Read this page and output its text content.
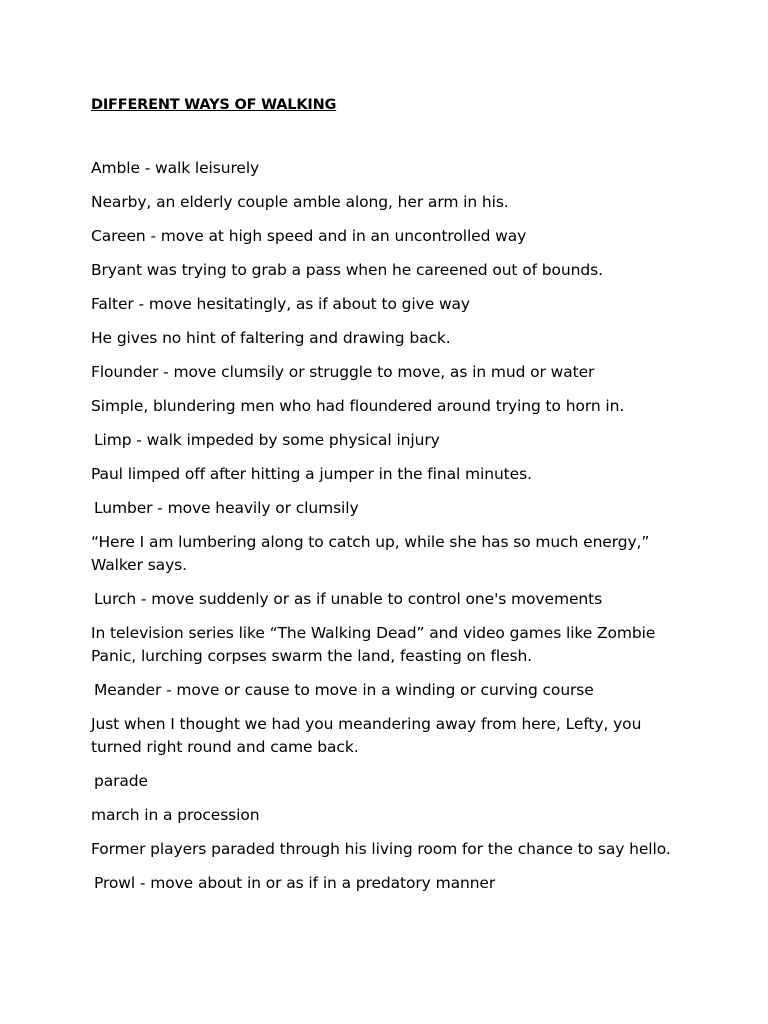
DIFFERENT WAYS OF WALKING

Amble - walk leisurely

Nearby, an elderly couple amble along, her arm in his.

Careen - move at high speed and in an uncontrolled way

Bryant was trying to grab a pass when he careened out of bounds.

Falter - move hesitatingly, as if about to give way

He gives no hint of faltering and drawing back.

Flounder - move clumsily or struggle to move, as in mud or water

Simple, blundering men who had floundered around trying to horn in.

Limp - walk impeded by some physical injury

Paul limped off after hitting a jumper in the final minutes.

Lumber - move heavily or clumsily

“Here I am lumbering along to catch up, while she has so much energy,” Walker says.

Lurch - move suddenly or as if unable to control one's movements

In television series like “The Walking Dead” and video games like Zombie Panic, lurching corpses swarm the land, feasting on flesh.

Meander - move or cause to move in a winding or curving course

Just when I thought we had you meandering away from here, Lefty, you turned right round and came back.

parade

march in a procession

Former players paraded through his living room for the chance to say hello.

Prowl - move about in or as if in a predatory manner
